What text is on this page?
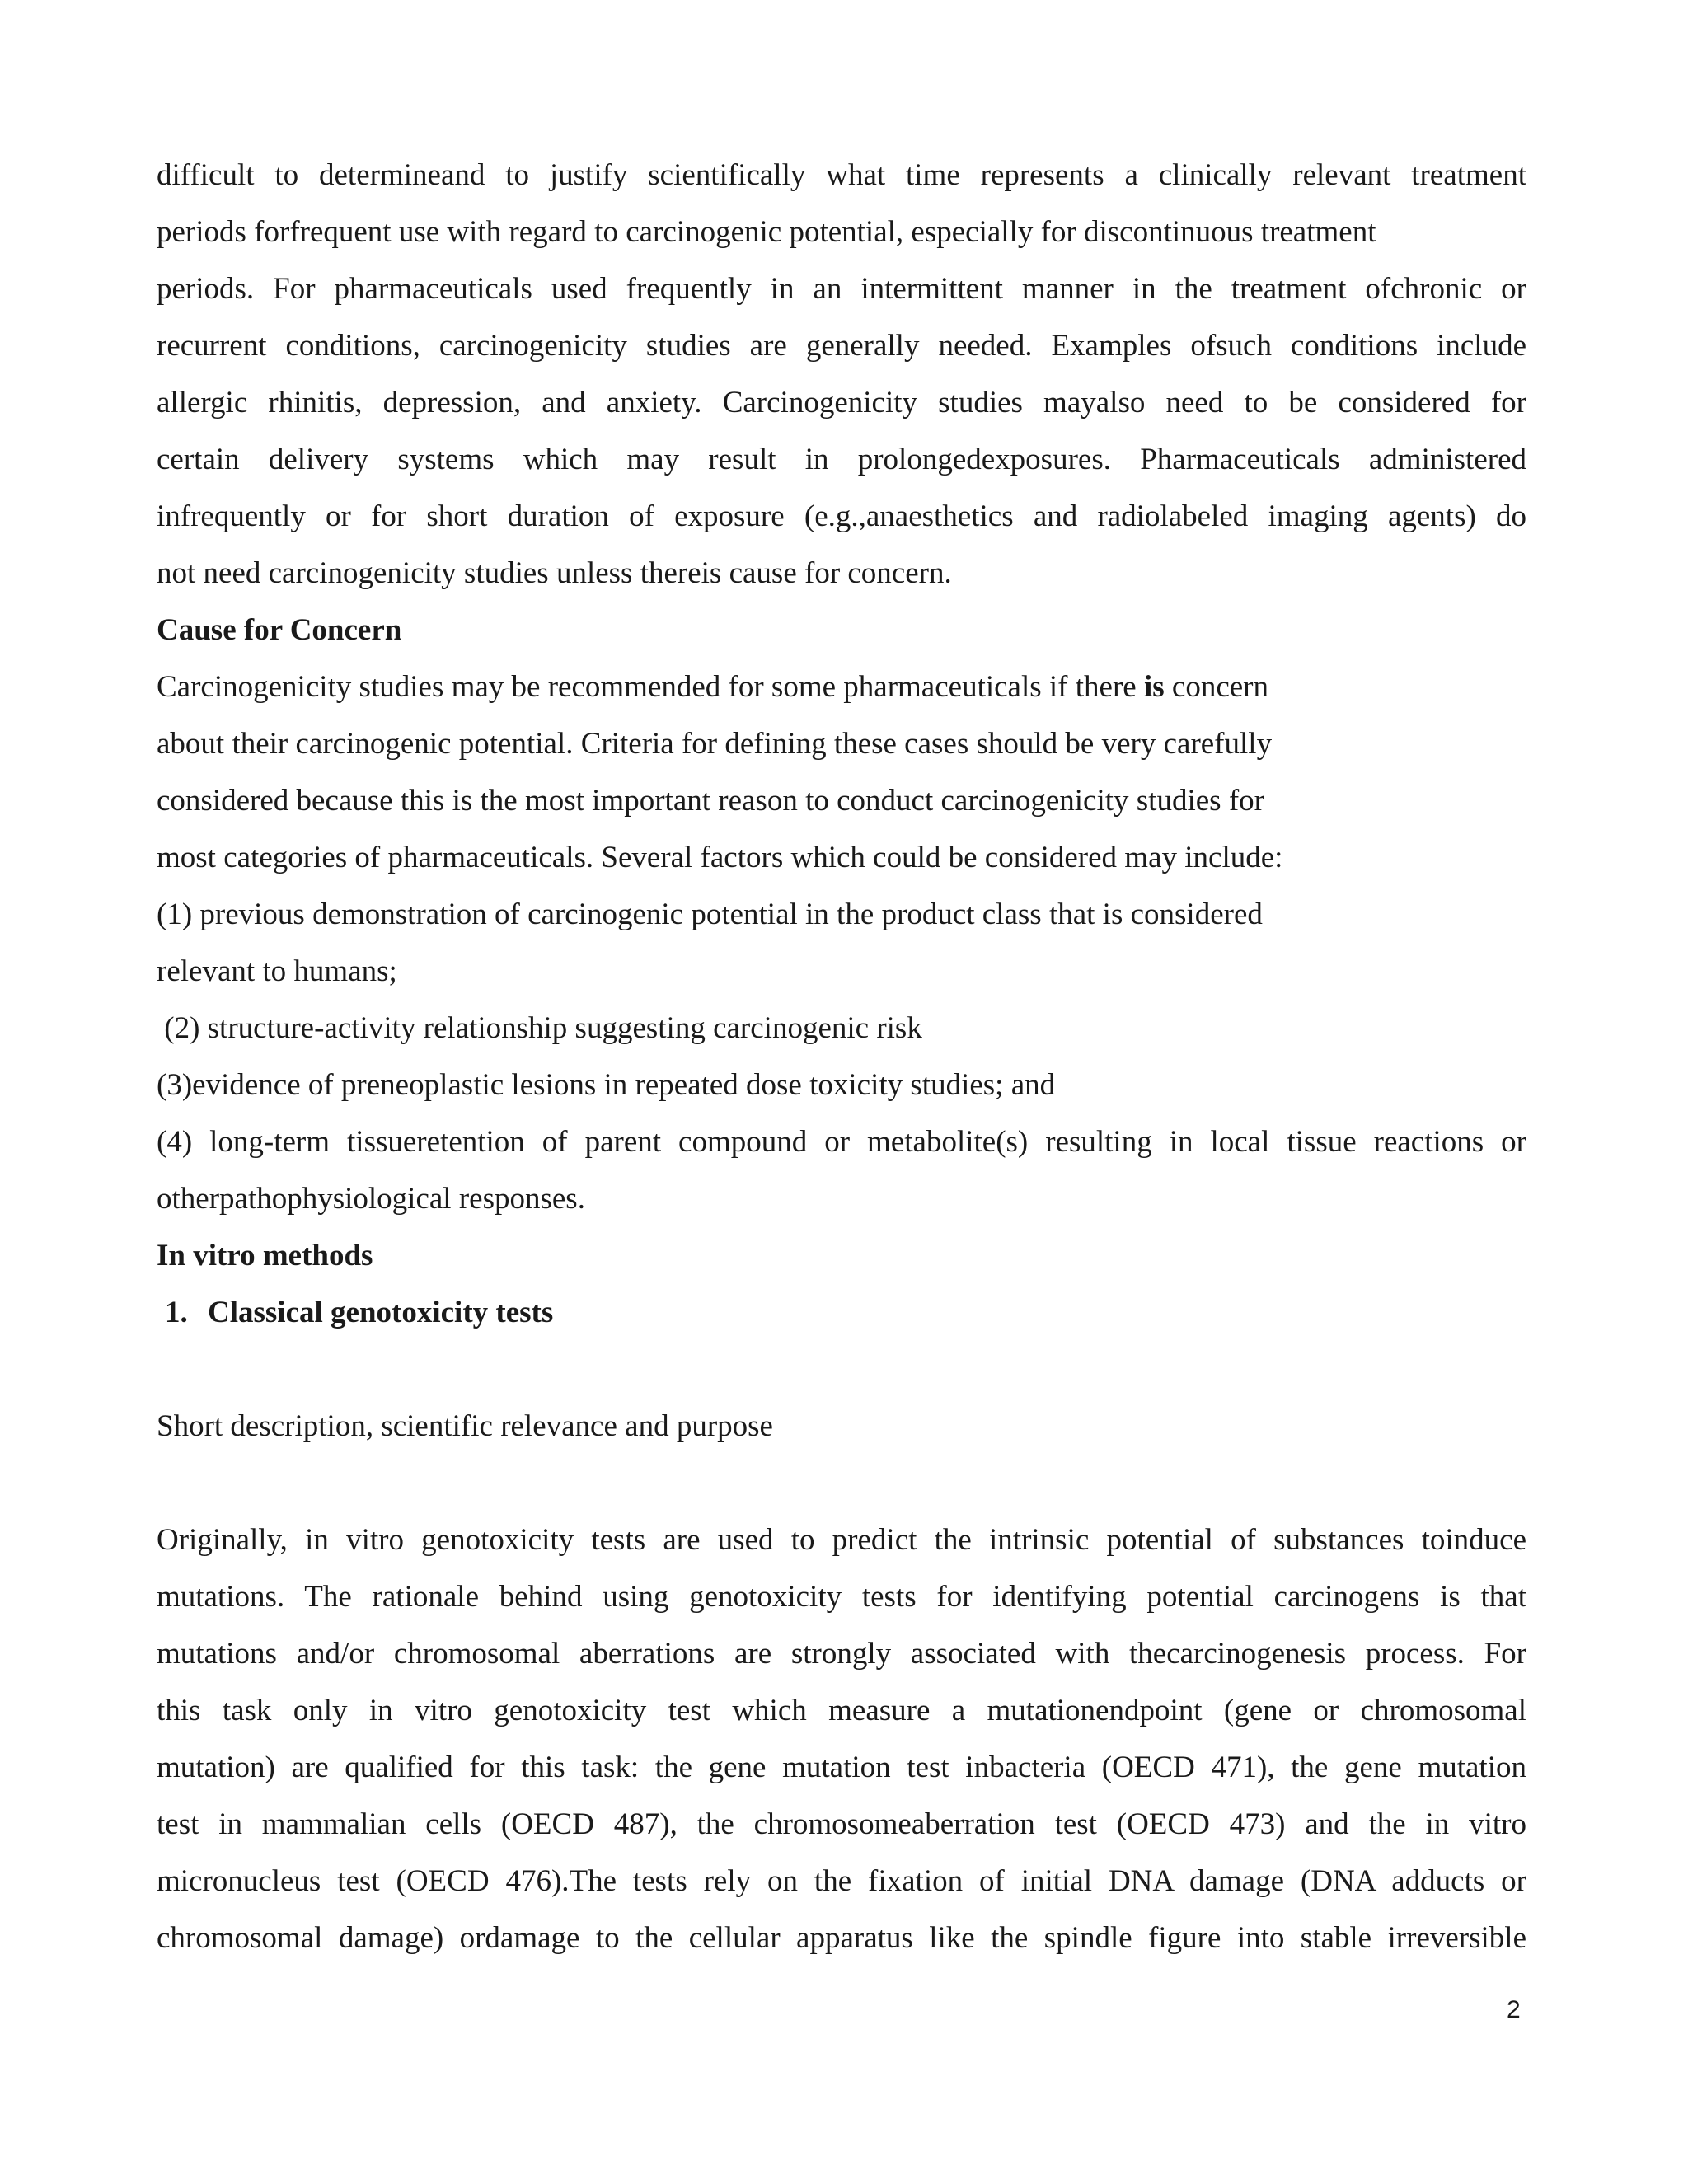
difficult to determineand to justify scientifically what time represents a clinically relevant treatment
periods forfrequent use with regard to carcinogenic potential, especially for discontinuous treatment
periods. For pharmaceuticals used frequently in an intermittent manner in the treatment ofchronic or
recurrent conditions, carcinogenicity studies are generally needed. Examples ofsuch conditions include
allergic rhinitis, depression, and anxiety. Carcinogenicity studies mayalso need to be considered for
certain delivery systems which may result in prolongedexposures. Pharmaceuticals administered
infrequently or for short duration of exposure (e.g.,anaesthetics and radiolabeled imaging agents) do
not need carcinogenicity studies unless thereis cause for concern.
Cause for Concern
Carcinogenicity studies may be recommended for some pharmaceuticals if there is concern
about their carcinogenic potential. Criteria for defining these cases should be very carefully
considered because this is the most important reason to conduct carcinogenicity studies for
most categories of pharmaceuticals. Several factors which could be considered may include:
(1) previous demonstration of carcinogenic potential in the product class that is considered
relevant to humans;
(2) structure-activity relationship suggesting carcinogenic risk
(3)evidence of preneoplastic lesions in repeated dose toxicity studies; and
(4) long-term tissueretention of parent compound or metabolite(s) resulting in local tissue reactions or
otherpathophysiological responses.
In vitro methods
1. Classical genotoxicity tests
Short description, scientific relevance and purpose
Originally, in vitro genotoxicity tests are used to predict the intrinsic potential of substances toinduce
mutations. The rationale behind using genotoxicity tests for identifying potential carcinogens is that
mutations and/or chromosomal aberrations are strongly associated with thecarcinogenesis process. For
this task only in vitro genotoxicity test which measure a mutationendpoint (gene or chromosomal
mutation) are qualified for this task: the gene mutation test inbacteria (OECD 471), the gene mutation
test in mammalian cells (OECD 487), the chromosomeaberration test (OECD 473) and the in vitro
micronucleus test (OECD 476).The tests rely on the fixation of initial DNA damage (DNA adducts or
chromosomal damage) ordamage to the cellular apparatus like the spindle figure into stable irreversible
2
